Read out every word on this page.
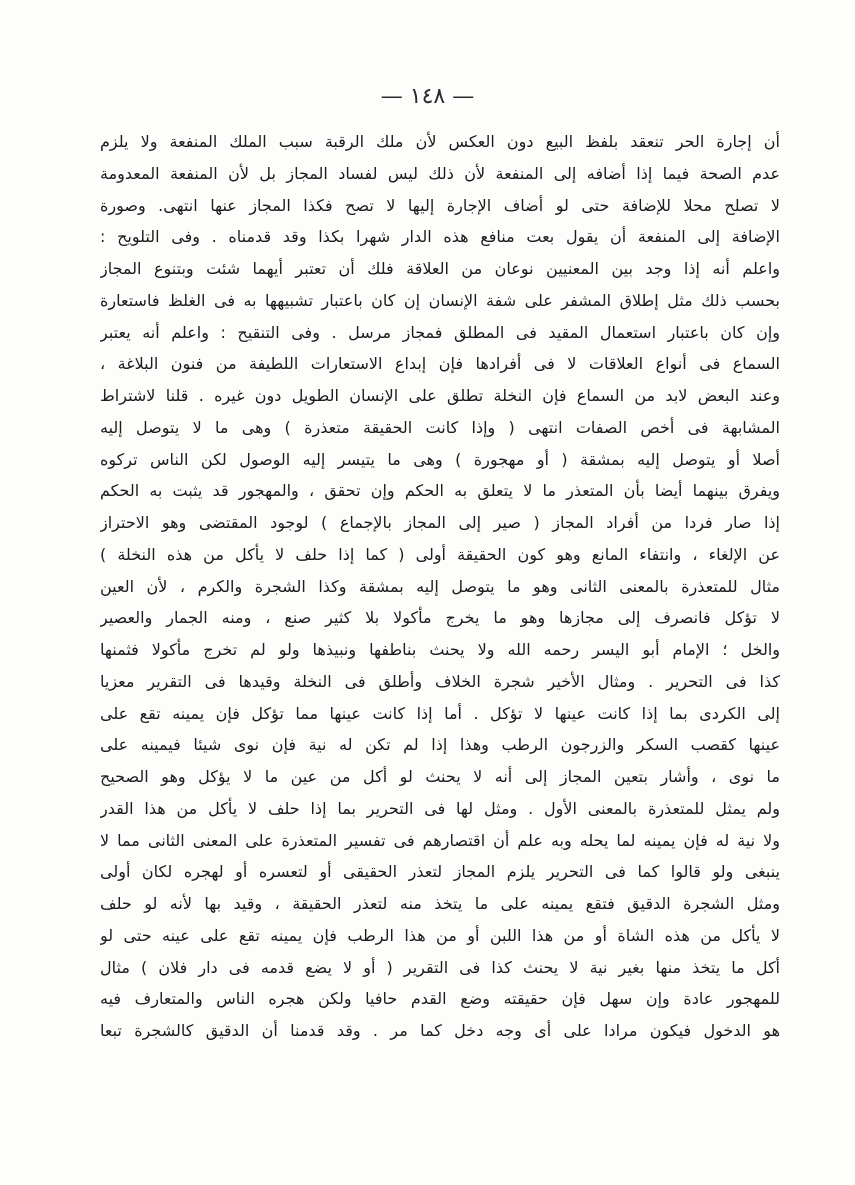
— ١٤٨ —
أن إجارة الحر تنعقد بلفظ البيع دون العكس لأن ملك الرقبة سبب الملك المنفعة ولا يلزم
عدم الصحة فيما إذا أضافه إلى المنفعة لأن ذلك ليس لفساد المجاز بل لأن المنفعة المعدومة
لا تصلح محلا للإضافة حتى لو أضاف الإجارة إليها لا تصح فكذا المجاز عنها انتهى. وصورة
الإضافة إلى المنفعة أن يقول بعت منافع هذه الدار شهرا بكذا وقد قدمناه . وفى التلويح :
واعلم أنه إذا وجد بين المعنيين نوعان من العلاقة فلك أن تعتبر أيهما شئت وبتنوع المجاز
بحسب ذلك مثل إطلاق المشفر على شفة الإنسان إن كان باعتبار تشبيهها به فى الغلظ فاستعارة
وإن كان باعتبار استعمال المقيد فى المطلق فمجاز مرسل . وفى التنقيح : واعلم أنه يعتبر
السماع فى أنواع العلاقات لا فى أفرادها فإن إبداع الاستعارات اللطيفة من فنون البلاغة ،
وعند البعض لابد من السماع فإن النخلة تطلق على الإنسان الطويل دون غيره . قلنا لاشتراط
المشابهة فى أخص الصفات انتهى ( وإذا كانت الحقيقة متعذرة ) وهى ما لا يتوصل إليه
أصلا أو يتوصل إليه بمشقة ( أو مهجورة ) وهى ما يتيسر إليه الوصول لكن الناس تركوه
ويفرق بينهما أيضا بأن المتعذر ما لا يتعلق به الحكم وإن تحقق ، والمهجور قد يثبت به الحكم
إذا صار فردا من أفراد المجاز ( صير إلى المجاز بالإجماع ) لوجود المقتضى وهو الاحتراز
عن الإلغاء ، وانتفاء المانع وهو كون الحقيقة أولى ( كما إذا حلف لا يأكل من هذه النخلة )
مثال للمتعذرة بالمعنى الثانى وهو ما يتوصل إليه بمشقة وكذا الشجرة والكرم ، لأن العين
لا تؤكل فانصرف إلى مجازها وهو ما يخرج مأكولا بلا كثير صنع ، ومنه الجمار والعصير
والخل ؛ الإمام أبو اليسر رحمه الله ولا يحنث بناطفها ونبيذها ولو لم تخرج مأكولا فثمنها
كذا فى التحرير . ومثال الأخير شجرة الخلاف وأطلق فى النخلة وقيدها فى التقرير معزيا
إلى الكردى بما إذا كانت عينها لا تؤكل . أما إذا كانت عينها مما تؤكل فإن يمينه تقع على
عينها كقصب السكر والزرجون الرطب وهذا إذا لم تكن له نية فإن نوى شيئا فيمينه على
ما نوى ، وأشار بتعين المجاز إلى أنه لا يحنث لو أكل من عين ما لا يؤكل وهو الصحيح
ولم يمثل للمتعذرة بالمعنى الأول . ومثل لها فى التحرير بما إذا حلف لا يأكل من هذا القدر
ولا نية له فإن يمينه لما يحله وبه علم أن اقتصارهم فى تفسير المتعذرة على المعنى الثانى مما لا
ينبغى ولو قالوا كما فى التحرير يلزم المجاز لتعذر الحقيقى أو لتعسره أو لهجره لكان أولى
ومثل الشجرة الدقيق فتقع يمينه على ما يتخذ منه لتعذر الحقيقة ، وقيد بها لأنه لو حلف
لا يأكل من هذه الشاة أو من هذا اللبن أو من هذا الرطب فإن يمينه تقع على عينه حتى لو
أكل ما يتخذ منها بغير نية لا يحنث كذا فى التقرير ( أو لا يضع قدمه فى دار فلان ) مثال
للمهجور عادة وإن سهل فإن حقيقته وضع القدم حافيا ولكن هجره الناس والمتعارف فيه
هو الدخول فيكون مرادا على أى وجه دخل كما مر . وقد قدمنا أن الدقيق كالشجرة تبعا
